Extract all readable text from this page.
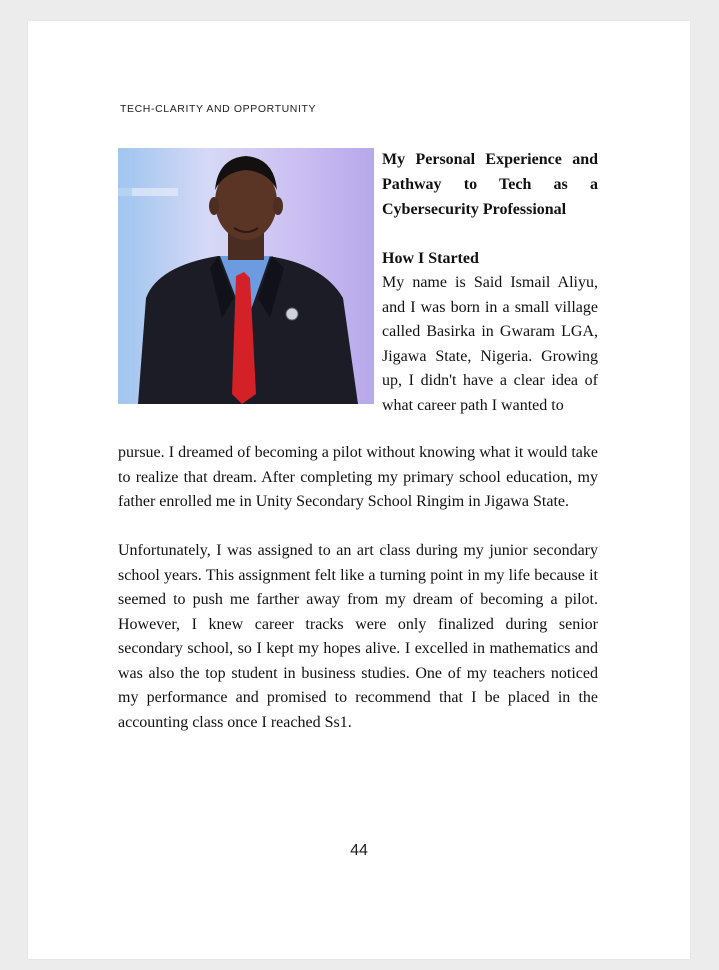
TECH-CLARITY AND OPPORTUNITY
My Personal Experience and Pathway to Tech as a Cybersecurity Professional
How I Started

My name is Said Ismail Aliyu, and I was born in a small village called Basirka in Gwaram LGA, Jigawa State, Nigeria. Growing up, I didn't have a clear idea of what career path I wanted to

pursue. I dreamed of becoming a pilot without knowing what it would take to realize that dream. After completing my primary school education, my father enrolled me in Unity Secondary School Ringim in Jigawa State.

Unfortunately, I was assigned to an art class during my junior secondary school years. This assignment felt like a turning point in my life because it seemed to push me farther away from my dream of becoming a pilot. However, I knew career tracks were only finalized during senior secondary school, so I kept my hopes alive. I excelled in mathematics and was also the top student in business studies. One of my teachers noticed my performance and promised to recommend that I be placed in the accounting class once I reached Ss1.

44
